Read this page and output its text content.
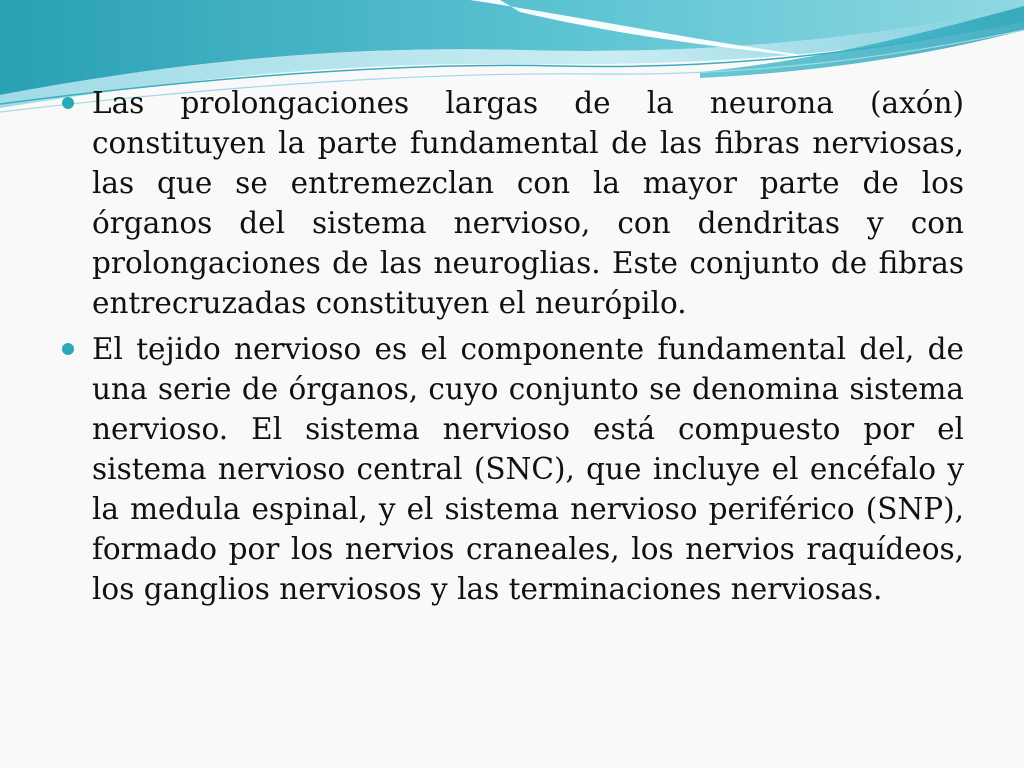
Las prolongaciones largas de la neurona (axón) constituyen la parte fundamental de las fibras nerviosas, las que se entremezclan con la mayor parte de los órganos del sistema nervioso, con dendritas y con prolongaciones de las neuroglias. Este conjunto de fibras entrecruzadas constituyen el neurópilo.
El tejido nervioso es el componente fundamental del, de una serie de órganos, cuyo conjunto se denomina sistema nervioso. El sistema nervioso está compuesto por el sistema nervioso central (SNC), que incluye el encéfalo y la medula espinal, y el sistema nervioso periférico (SNP), formado por los nervios craneales, los nervios raquídeos, los ganglios nerviosos y las terminaciones nerviosas.
